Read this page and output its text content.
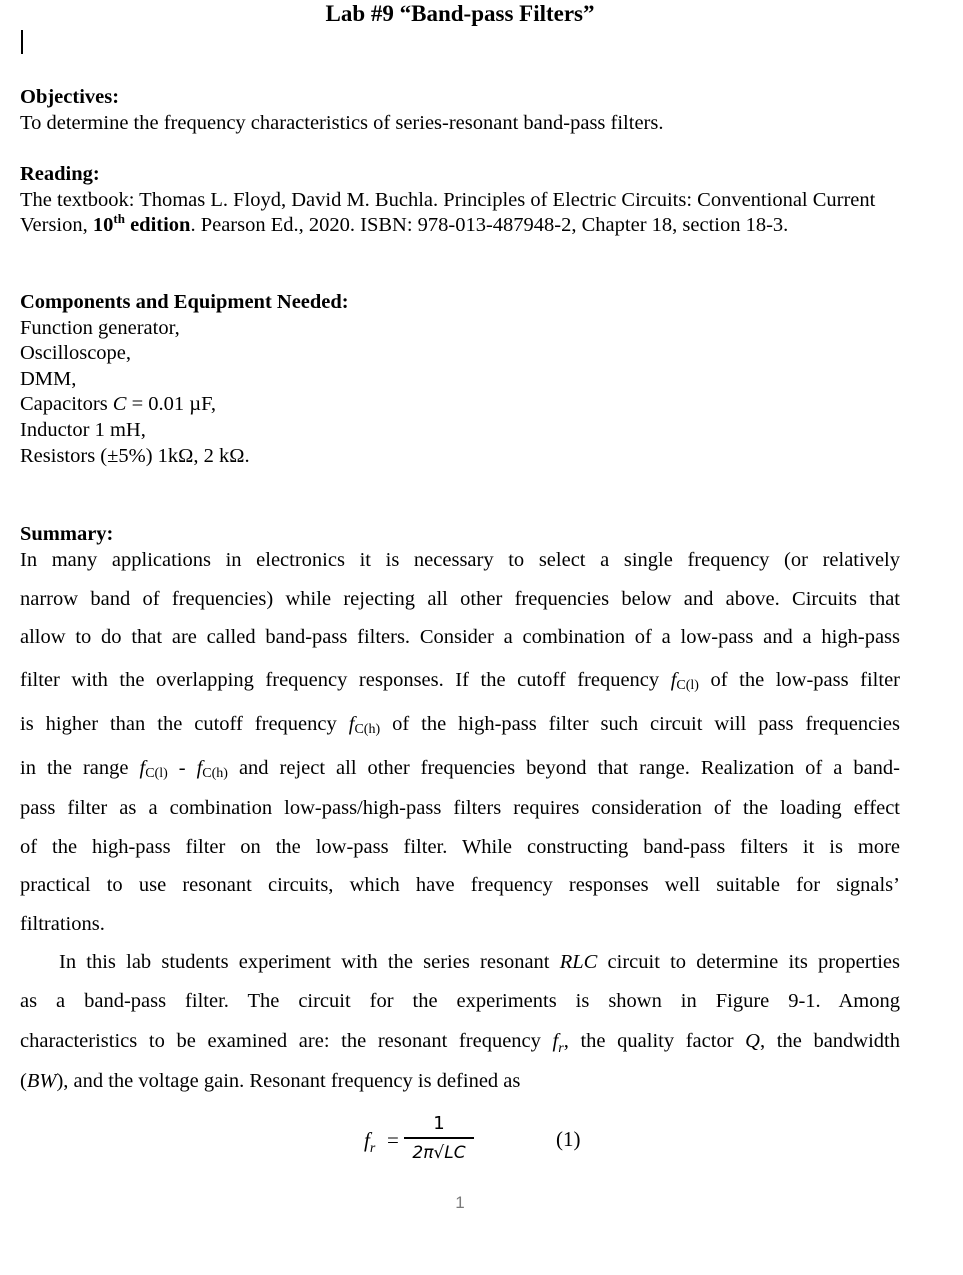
Lab #9 “Band-pass Filters”
Objectives:
To determine the frequency characteristics of series-resonant band-pass filters.
Reading:
The textbook: Thomas L. Floyd, David M. Buchla. Principles of Electric Circuits: Conventional Current Version, 10th edition. Pearson Ed., 2020. ISBN: 978-013-487948-2, Chapter 18, section 18-3.
Components and Equipment Needed:
Function generator,
Oscilloscope,
DMM,
Capacitors C = 0.01 µF,
Inductor 1 mH,
Resistors (±5%) 1kΩ, 2 kΩ.
Summary:
In many applications in electronics it is necessary to select a single frequency (or relatively
narrow band of frequencies) while rejecting all other frequencies below and above. Circuits that
allow to do that are called band-pass filters. Consider a combination of a low-pass and a high-pass
filter with the overlapping frequency responses. If the cutoff frequency fC(l) of the low-pass filter
is higher than the cutoff frequency fC(h) of the high-pass filter such circuit will pass frequencies
in the range fC(l) - fC(h) and reject all other frequencies beyond that range. Realization of a band-
pass filter as a combination low-pass/high-pass filters requires consideration of the loading effect
of the high-pass filter on the low-pass filter. While constructing band-pass filters it is more
practical to use resonant circuits, which have frequency responses well suitable for signals’
filtrations.
In this lab students experiment with the series resonant RLC circuit to determine its properties
as a band-pass filter. The circuit for the experiments is shown in Figure 9-1. Among
characteristics to be examined are: the resonant frequency $f_r$, the quality factor Q, the bandwidth
(BW), and the voltage gain. Resonant frequency is defined as
$f_r$ =
1
2π√LC
(1)
1
